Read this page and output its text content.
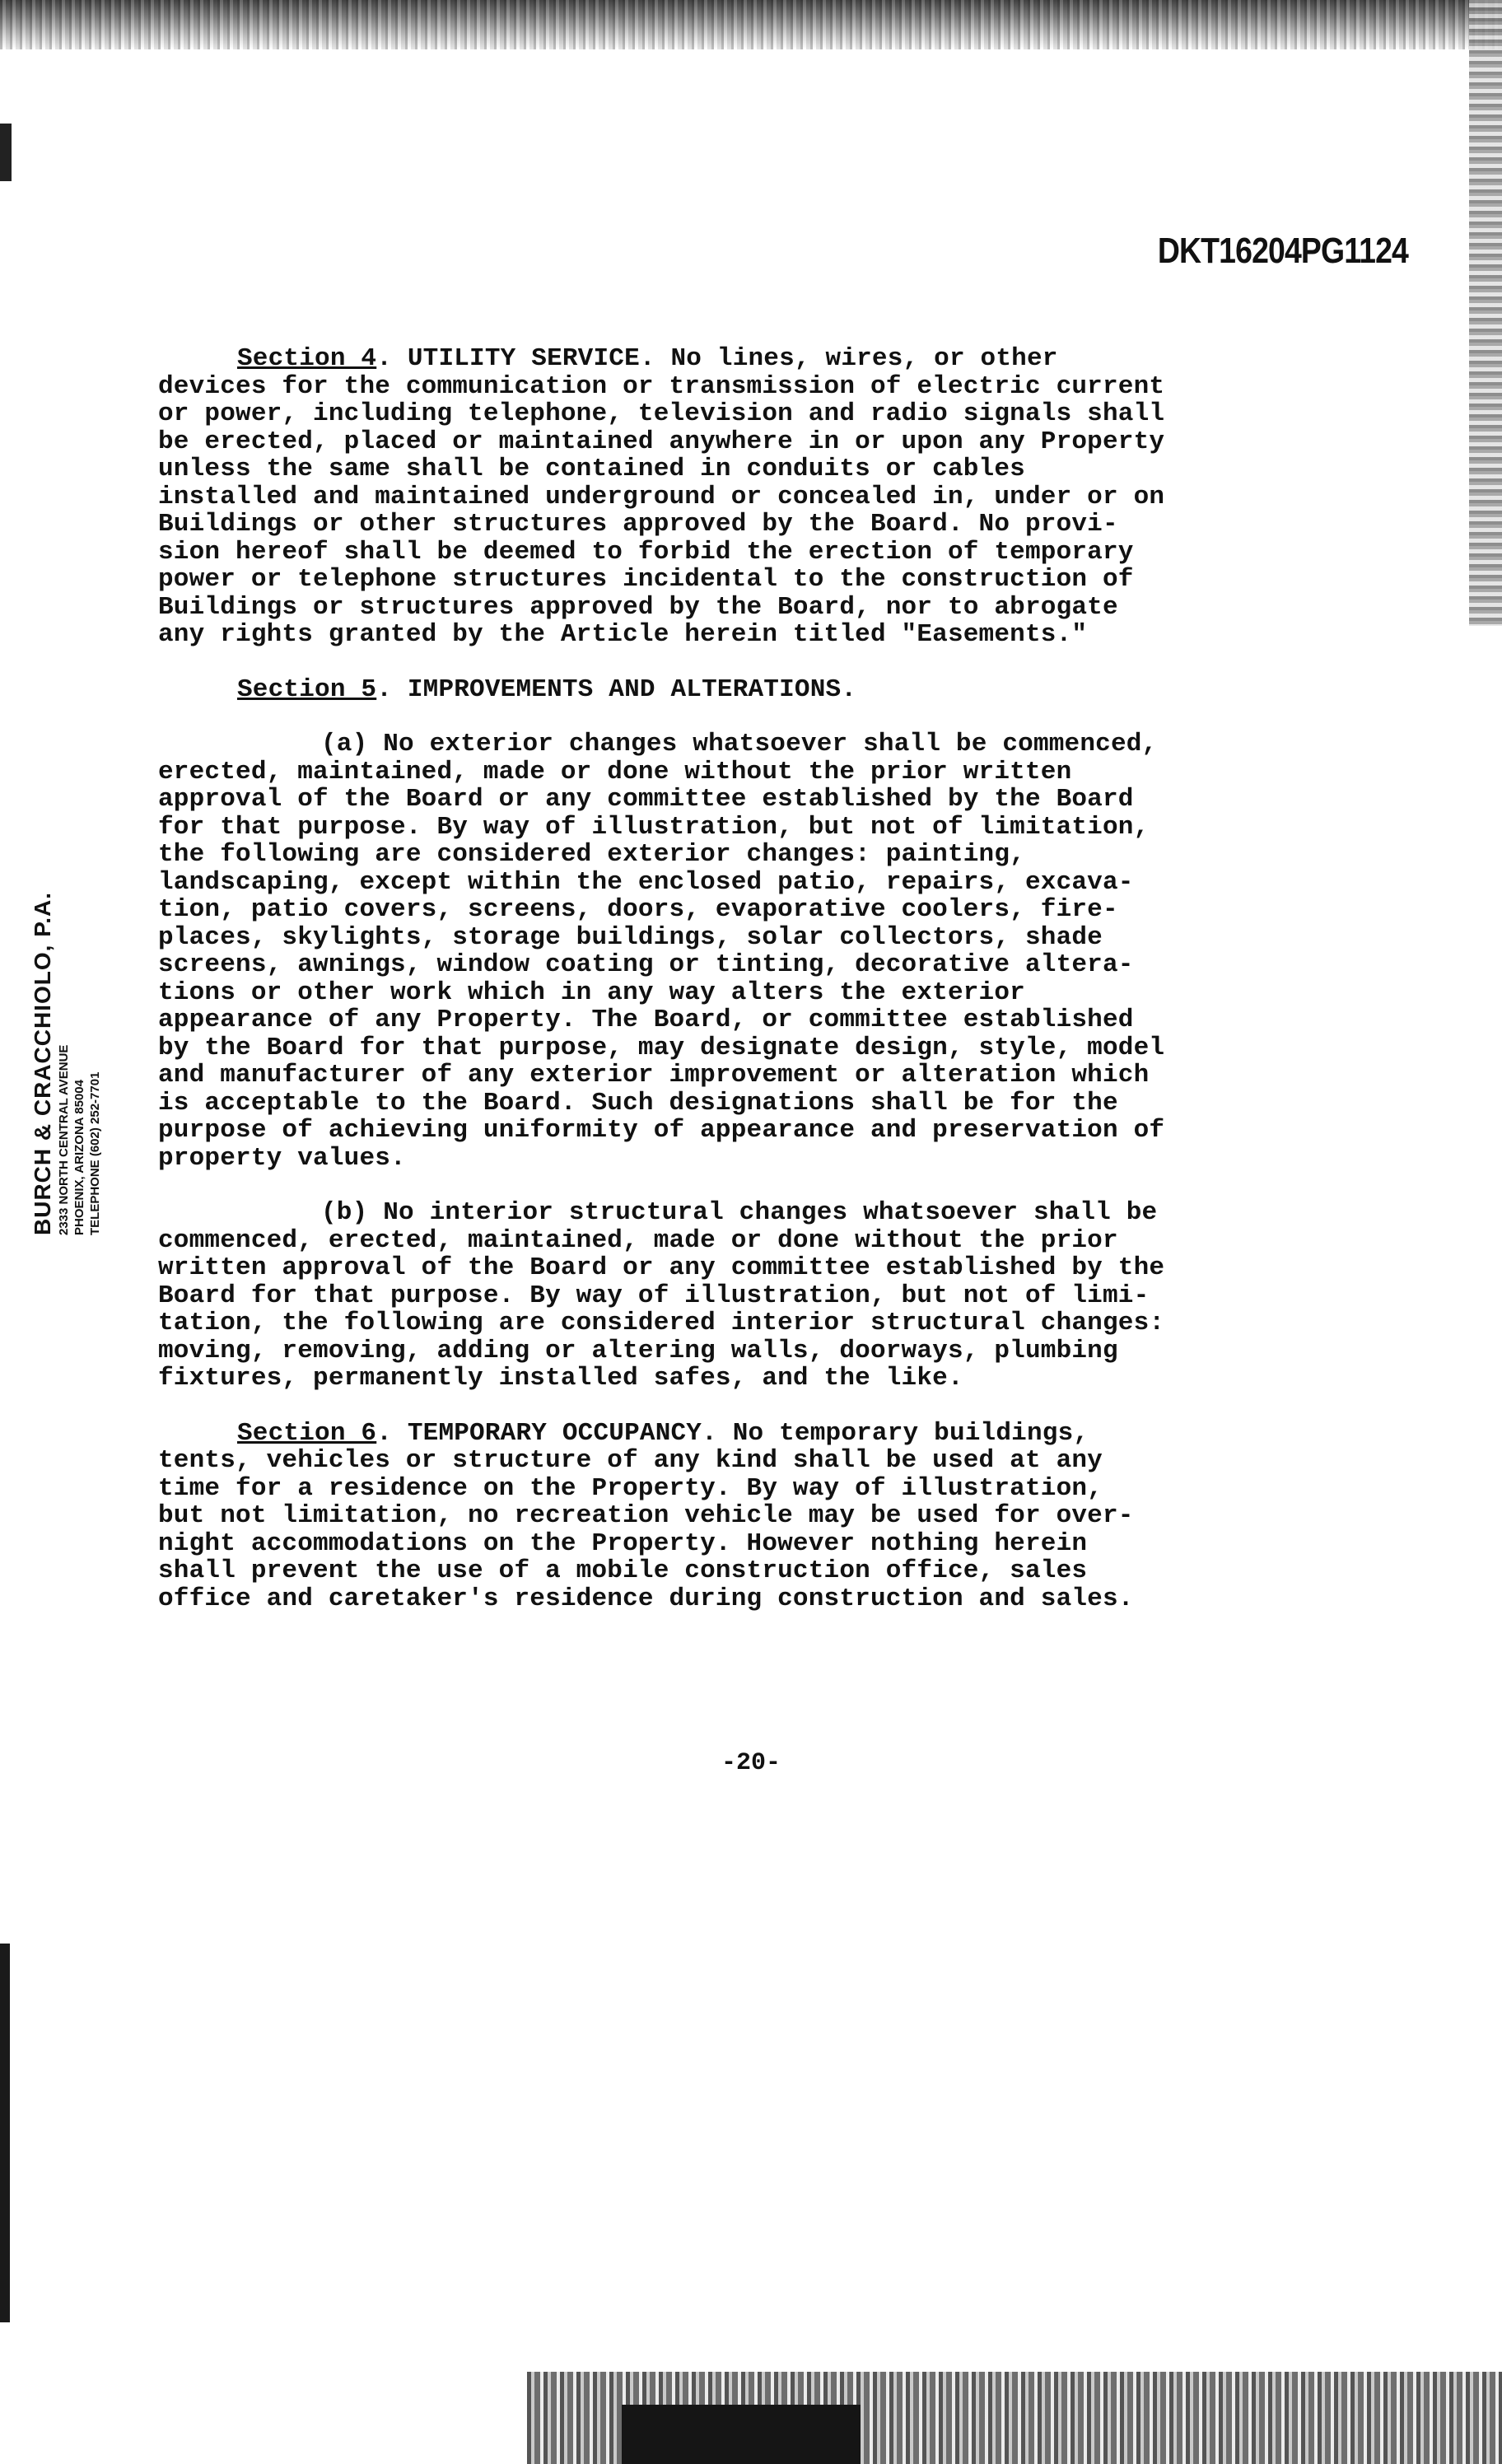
DKT16204PG1124
BURCH & CRACCHIOLO, P.A. 2333 NORTH CENTRAL AVENUE PHOENIX, ARIZONA 85004 TELEPHONE (602) 252-7701
Section 4. UTILITY SERVICE. No lines, wires, or other
devices for the communication or transmission of electric current
or power, including telephone, television and radio signals shall
be erected, placed or maintained anywhere in or upon any Property
unless the same shall be contained in conduits or cables
installed and maintained underground or concealed in, under or on
Buildings or other structures approved by the Board. No provi-
sion hereof shall be deemed to forbid the erection of temporary
power or telephone structures incidental to the construction of
Buildings or structures approved by the Board, nor to abrogate
any rights granted by the Article herein titled "Easements."
Section 5. IMPROVEMENTS AND ALTERATIONS.
(a) No exterior changes whatsoever shall be commenced,
erected, maintained, made or done without the prior written
approval of the Board or any committee established by the Board
for that purpose. By way of illustration, but not of limitation,
the following are considered exterior changes: painting,
landscaping, except within the enclosed patio, repairs, excava-
tion, patio covers, screens, doors, evaporative coolers, fire-
places, skylights, storage buildings, solar collectors, shade
screens, awnings, window coating or tinting, decorative altera-
tions or other work which in any way alters the exterior
appearance of any Property. The Board, or committee established
by the Board for that purpose, may designate design, style, model
and manufacturer of any exterior improvement or alteration which
is acceptable to the Board. Such designations shall be for the
purpose of achieving uniformity of appearance and preservation of
property values.
(b) No interior structural changes whatsoever shall be
commenced, erected, maintained, made or done without the prior
written approval of the Board or any committee established by the
Board for that purpose. By way of illustration, but not of limi-
tation, the following are considered interior structural changes:
moving, removing, adding or altering walls, doorways, plumbing
fixtures, permanently installed safes, and the like.
Section 6. TEMPORARY OCCUPANCY. No temporary buildings,
tents, vehicles or structure of any kind shall be used at any
time for a residence on the Property. By way of illustration,
but not limitation, no recreation vehicle may be used for over-
night accommodations on the Property. However nothing herein
shall prevent the use of a mobile construction office, sales
office and caretaker's residence during construction and sales.
-20-
